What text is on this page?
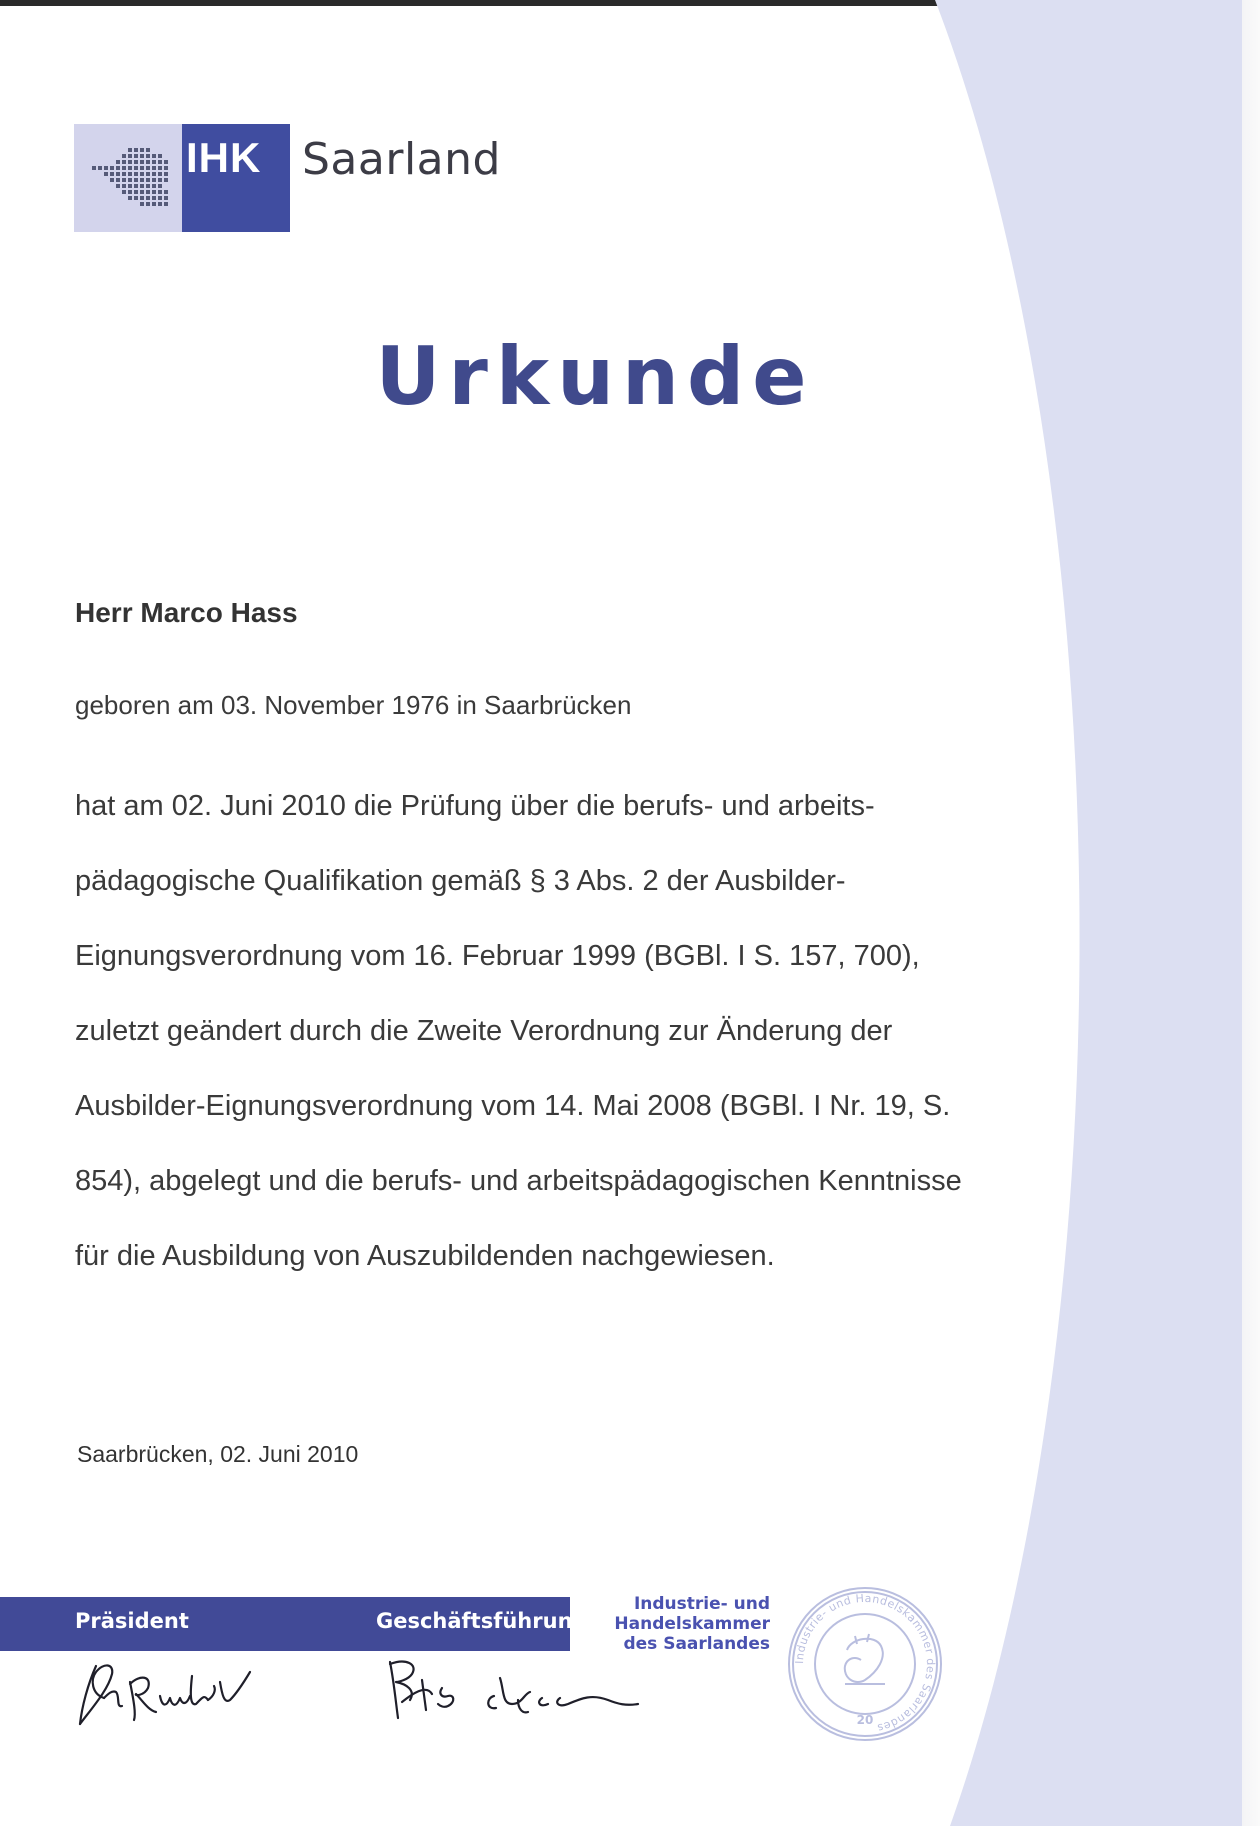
IHK Saarland
Urkunde
Herr Marco Hass
geboren am 03. November 1976 in Saarbrücken
hat am 02. Juni 2010 die Prüfung über die berufs- und arbeits-
pädagogische Qualifikation gemäß § 3 Abs. 2 der Ausbilder-
Eignungsverordnung vom 16. Februar 1999 (BGBl. I S. 157, 700),
zuletzt geändert durch die Zweite Verordnung zur Änderung der
Ausbilder-Eignungsverordnung vom 14. Mai 2008 (BGBl. I Nr. 19, S.
854), abgelegt und die berufs- und arbeitspädagogischen Kenntnisse
für die Ausbildung von Auszubildenden nachgewiesen.
Saarbrücken, 02. Juni 2010
Präsident	Geschäftsführung
Industrie- und
Handelskammer
des Saarlandes
Industrie- und Handelskammer des Saarlandes
20
